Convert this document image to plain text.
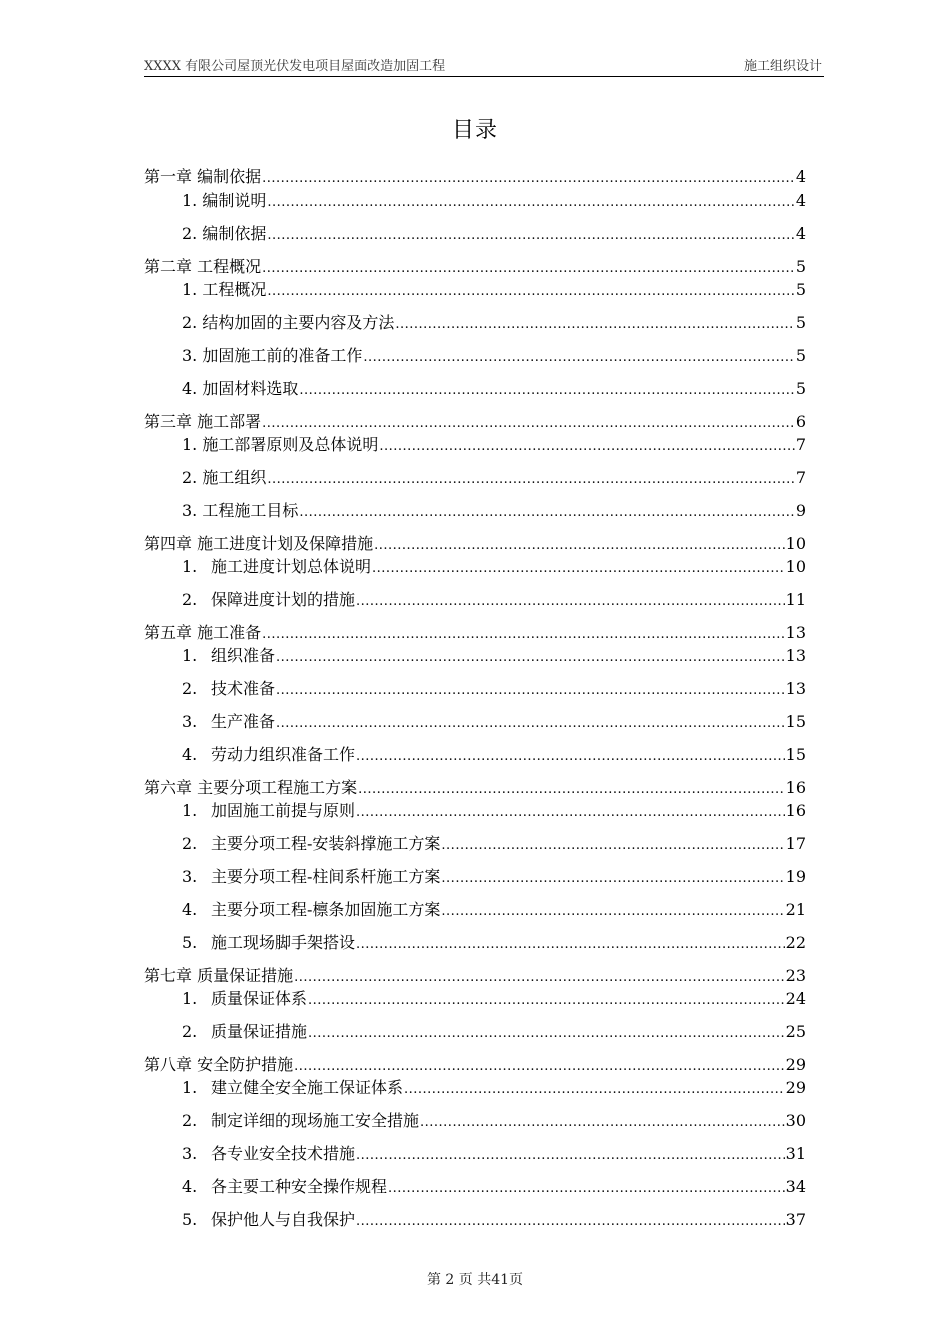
XXXX 有限公司屋顶光伏发电项目屋面改造加固工程	施工组织设计
目录
第一章 编制依据 .....	4
1. 编制说明 .....	4
2. 编制依据 .....	4
第二章 工程概况 .....	5
1. 工程概况 .....	5
2. 结构加固的主要内容及方法 .....	5
3. 加固施工前的准备工作 .....	5
4. 加固材料选取 .....	5
第三章 施工部署 .....	6
1. 施工部署原则及总体说明 .....	7
2. 施工组织 .....	7
3. 工程施工目标 .....	9
第四章 施工进度计划及保障措施 .....	10
1. 施工进度计划总体说明 .....	10
2. 保障进度计划的措施 .....	11
第五章 施工准备 .....	13
1. 组织准备 .....	13
2. 技术准备 .....	13
3. 生产准备 .....	15
4. 劳动力组织准备工作 .....	15
第六章 主要分项工程施工方案 .....	16
1. 加固施工前提与原则 .....	16
2. 主要分项工程-安装斜撑施工方案 .....	17
3. 主要分项工程-柱间系杆施工方案 .....	19
4. 主要分项工程-檩条加固施工方案 .....	21
5. 施工现场脚手架搭设 .....	22
第七章 质量保证措施 .....	23
1. 质量保证体系 .....	24
2. 质量保证措施 .....	25
第八章 安全防护措施 .....	29
1. 建立健全安全施工保证体系 .....	29
2. 制定详细的现场施工安全措施 .....	30
3. 各专业安全技术措施 .....	31
4. 各主要工种安全操作规程 .....	34
5. 保护他人与自我保护 .....	37
第 2 页 共41页
